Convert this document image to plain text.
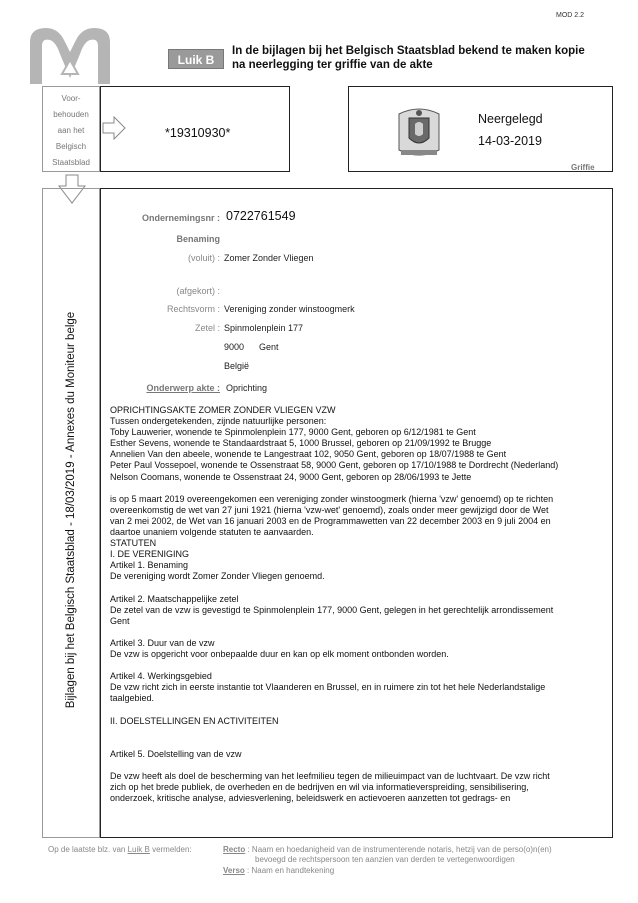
MOD 2.2
Luik B
In de bijlagen bij het Belgisch Staatsblad bekend te maken kopie
na neerlegging ter griffie van de akte
Voor-
behouden
aan het
Belgisch
Staatsblad
*19310930*
Neergelegd
14-03-2019
Griffie
Bijlagen bij het Belgisch Staatsblad - 18/03/2019 - Annexes du Moniteur belge
Ondernemingsnr : 0722761549
Benaming
(voluit) : Zomer Zonder Vliegen
(afgekort) :
Rechtsvorm : Vereniging zonder winstoogmerk
Zetel : Spinmolenplein 177
9000      Gent
België
Onderwerp akte : Oprichting
OPRICHTINGSAKTE ZOMER ZONDER VLIEGEN VZW
Tussen ondergetekenden, zijnde natuurlijke personen:
Toby Lauwerier, wonende te Spinmolenplein 177, 9000 Gent, geboren op 6/12/1981 te Gent
Esther Sevens, wonende te Standaardstraat 5, 1000 Brussel, geboren op 21/09/1992 te Brugge
Annelien Van den abeele, wonende te Langestraat 102, 9050 Gent, geboren op 18/07/1988 te Gent
Peter Paul Vossepoel, wonende te Ossenstraat 58, 9000 Gent, geboren op 17/10/1988 te Dordrecht (Nederland)
Nelson Coomans, wonende te Ossenstraat 24, 9000 Gent, geboren op 28/06/1993 te Jette
is op 5 maart 2019 overeengekomen een vereniging zonder winstoogmerk (hierna 'vzw' genoemd) op te richten
overeenkomstig de wet van 27 juni 1921 (hierna 'vzw-wet' genoemd), zoals onder meer gewijzigd door de Wet
van 2 mei 2002, de Wet van 16 januari 2003 en de Programmawetten van 22 december 2003 en 9 juli 2004 en
daartoe unaniem volgende statuten te aanvaarden.
STATUTEN
I. DE VERENIGING
Artikel 1. Benaming
De vereniging wordt Zomer Zonder Vliegen genoemd.
Artikel 2. Maatschappelijke zetel
De zetel van de vzw is gevestigd te Spinmolenplein 177, 9000 Gent, gelegen in het gerechtelijk arrondissement
Gent
Artikel 3. Duur van de vzw
De vzw is opgericht voor onbepaalde duur en kan op elk moment ontbonden worden.
Artikel 4. Werkingsgebied
De vzw richt zich in eerste instantie tot Vlaanderen en Brussel, en in ruimere zin tot het hele Nederlandstalige
taalgebied.
II. DOELSTELLINGEN EN ACTIVITEITEN
Artikel 5. Doelstelling van de vzw
De vzw heeft als doel de bescherming van het leefmilieu tegen de milieuimpact van de luchtvaart. De vzw richt
zich op het brede publiek, de overheden en de bedrijven en wil via informatieverspreiding, sensibilisering,
onderzoek, kritische analyse, adviesverlening, beleidswerk en actievoeren aanzetten tot gedrags- en
Op de laatste blz. van Luik B vermelden:	Recto : Naam en hoedanigheid van de instrumenterende notaris, hetzij van de perso(o)n(en)
bevoegd de rechtspersoon ten aanzien van derden te vertegenwoordigen
Verso : Naam en handtekening
